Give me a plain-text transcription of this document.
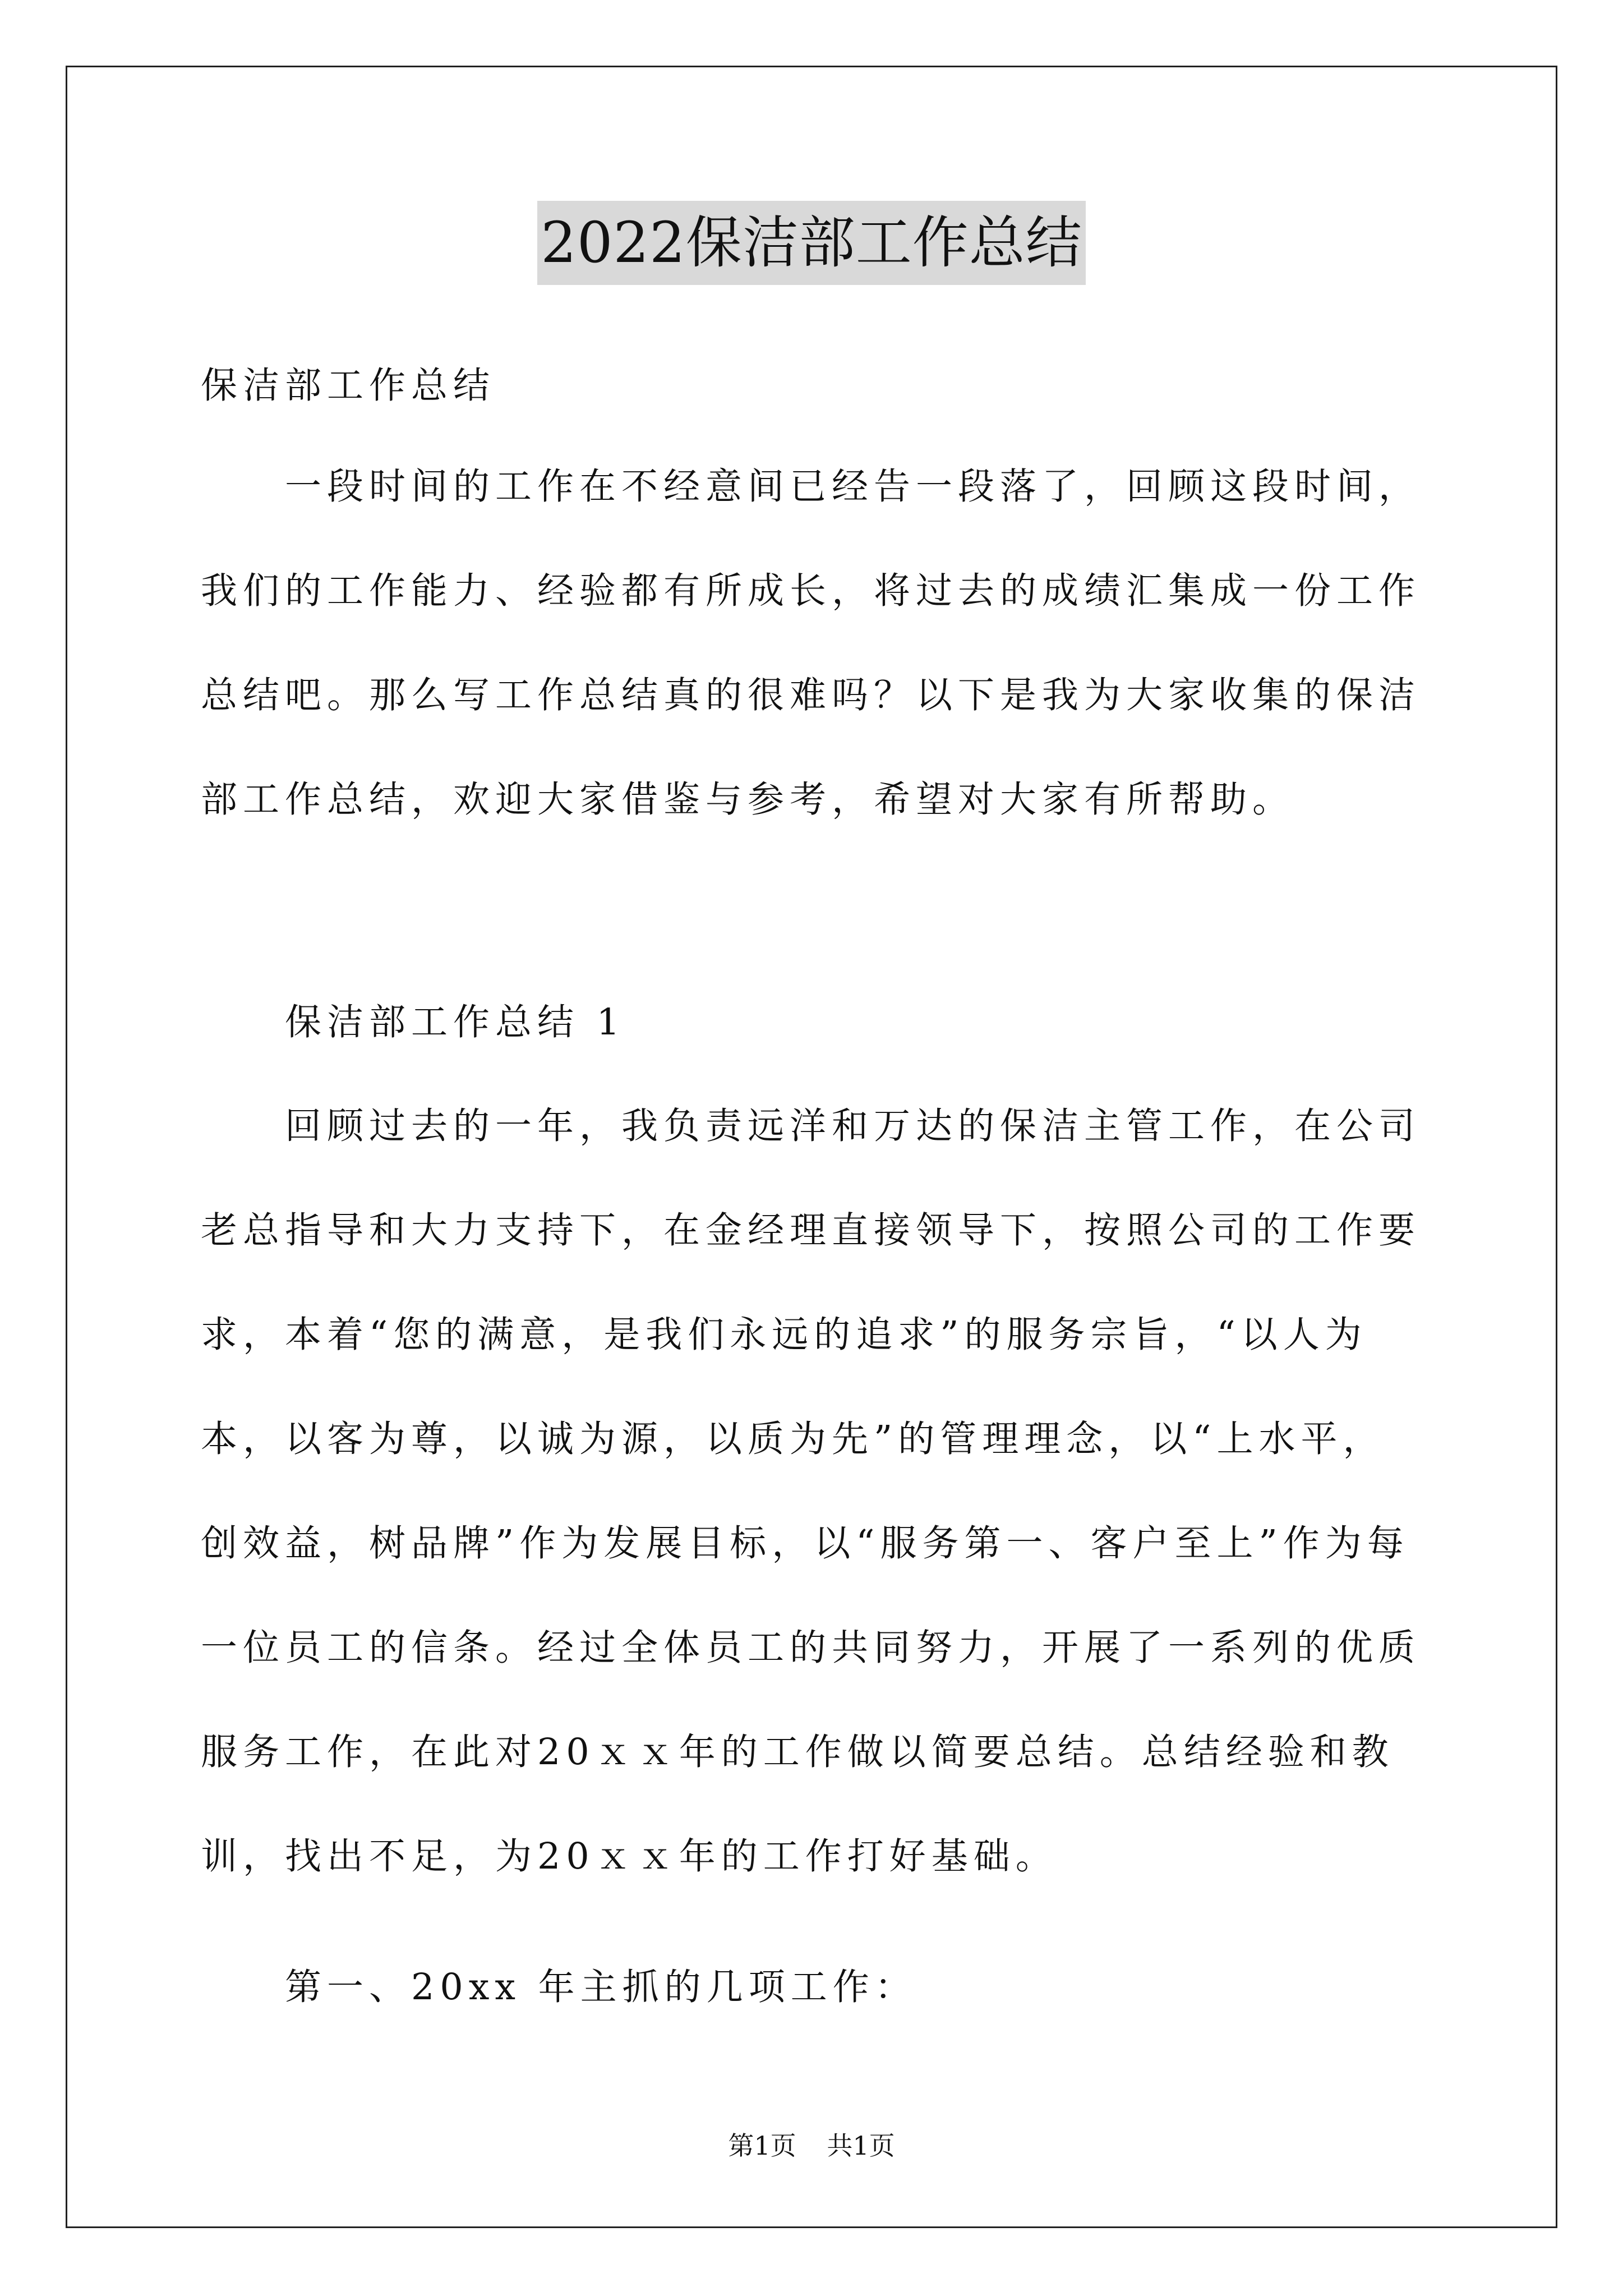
2022保洁部工作总结

保洁部工作总结

一段时间的工作在不经意间已经告一段落了，回顾这段时间，我们的工作能力、经验都有所成长，将过去的成绩汇集成一份工作总结吧。那么写工作总结真的很难吗？以下是我为大家收集的保洁部工作总结，欢迎大家借鉴与参考，希望对大家有所帮助。

保洁部工作总结 1

回顾过去的一年，我负责远洋和万达的保洁主管工作，在公司老总指导和大力支持下，在金经理直接领导下，按照公司的工作要求，本着“您的满意，是我们永远的追求”的服务宗旨，“以人为本，以客为尊，以诚为源，以质为先”的管理理念，以“上水平，创效益，树品牌”作为发展目标，以“服务第一、客户至上”作为每一位员工的信条。经过全体员工的共同努力，开展了一系列的优质服务工作，在此对20ｘｘ年的工作做以简要总结。总结经验和教训，找出不足，为20ｘｘ年的工作打好基础。

第一、20xx 年主抓的几项工作：

第1页 共1页
